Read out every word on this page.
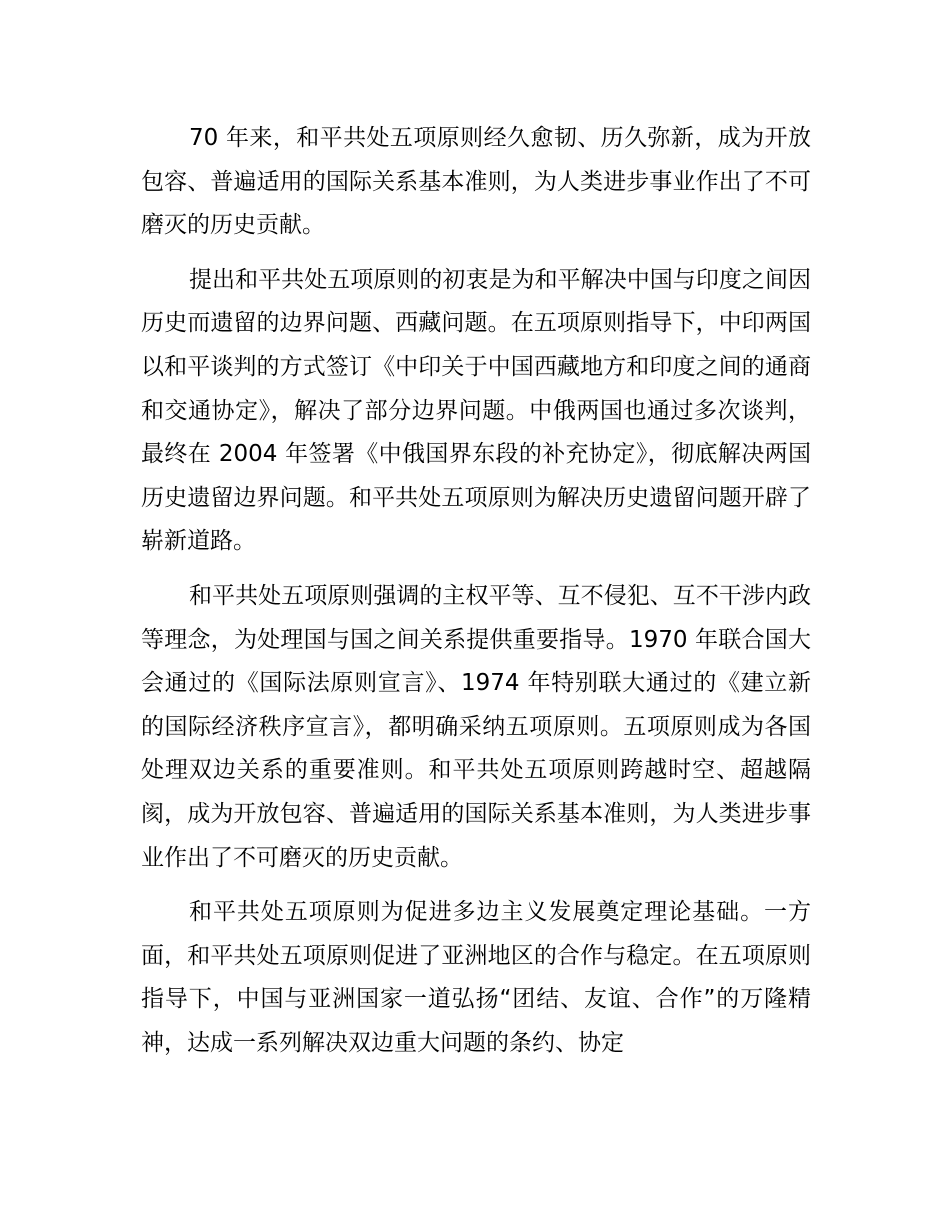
70 年来，和平共处五项原则经久愈韧、历久弥新，成为开放包容、普遍适用的国际关系基本准则，为人类进步事业作出了不可磨灭的历史贡献。

提出和平共处五项原则的初衷是为和平解决中国与印度之间因历史而遗留的边界问题、西藏问题。在五项原则指导下，中印两国以和平谈判的方式签订《中印关于中国西藏地方和印度之间的通商和交通协定》，解决了部分边界问题。中俄两国也通过多次谈判，最终在 2004 年签署《中俄国界东段的补充协定》，彻底解决两国历史遗留边界问题。和平共处五项原则为解决历史遗留问题开辟了崭新道路。

和平共处五项原则强调的主权平等、互不侵犯、互不干涉内政等理念，为处理国与国之间关系提供重要指导。1970 年联合国大会通过的《国际法原则宣言》、1974 年特别联大通过的《建立新的国际经济秩序宣言》，都明确采纳五项原则。五项原则成为各国处理双边关系的重要准则。和平共处五项原则跨越时空、超越隔阂，成为开放包容、普遍适用的国际关系基本准则，为人类进步事业作出了不可磨灭的历史贡献。

和平共处五项原则为促进多边主义发展奠定理论基础。一方面，和平共处五项原则促进了亚洲地区的合作与稳定。在五项原则指导下，中国与亚洲国家一道弘扬“团结、友谊、合作”的万隆精神，达成一系列解决双边重大问题的条约、协定
